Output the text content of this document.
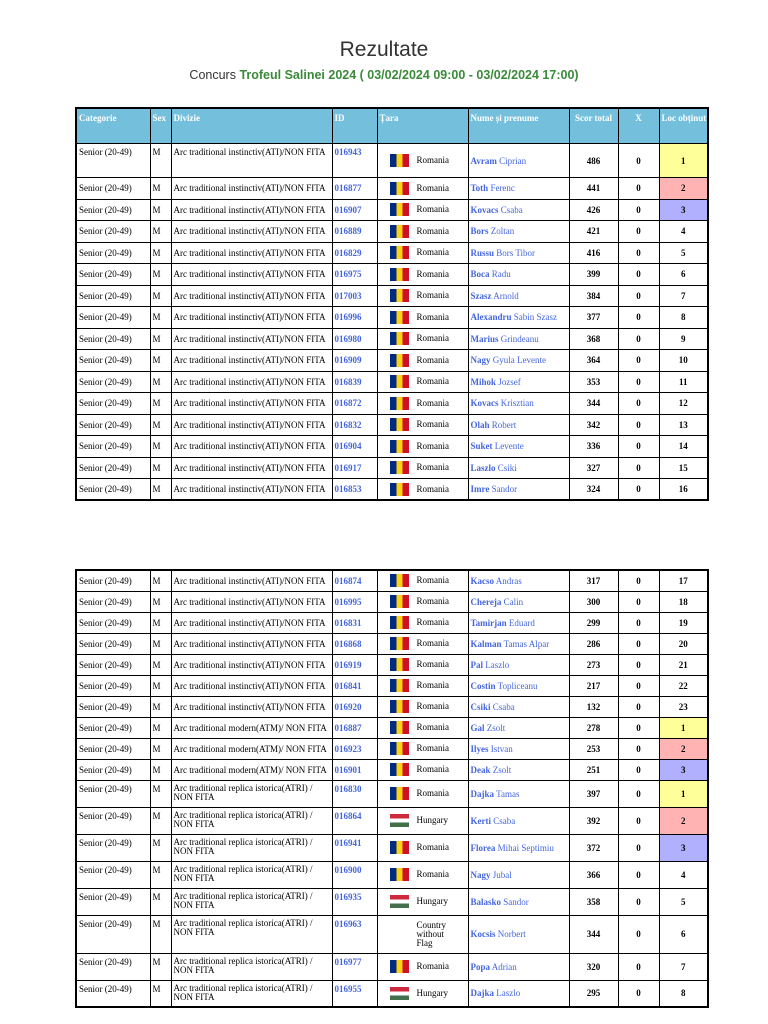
Rezultate
Concurs Trofeul Salinei 2024 ( 03/02/2024 09:00 - 03/02/2024 17:00)
Categorie	Sex	Divizie	ID	Țara	Nume și prenume	Scor total	X	Loc obținut
Senior (20-49)	M	Arc traditional instinctiv(ATI)/NON FITA	016943	Romania	Avram Ciprian	486	0	1
Senior (20-49)	M	Arc traditional instinctiv(ATI)/NON FITA	016877	Romania	Toth Ferenc	441	0	2
Senior (20-49)	M	Arc traditional instinctiv(ATI)/NON FITA	016907	Romania	Kovacs Csaba	426	0	3
Senior (20-49)	M	Arc traditional instinctiv(ATI)/NON FITA	016889	Romania	Bors Zoltan	421	0	4
Senior (20-49)	M	Arc traditional instinctiv(ATI)/NON FITA	016829	Romania	Russu Bors Tibor	416	0	5
Senior (20-49)	M	Arc traditional instinctiv(ATI)/NON FITA	016975	Romania	Boca Radu	399	0	6
Senior (20-49)	M	Arc traditional instinctiv(ATI)/NON FITA	017003	Romania	Szasz Arnold	384	0	7
Senior (20-49)	M	Arc traditional instinctiv(ATI)/NON FITA	016996	Romania	Alexandru Sabin Szasz	377	0	8
Senior (20-49)	M	Arc traditional instinctiv(ATI)/NON FITA	016980	Romania	Marius Grindeanu	368	0	9
Senior (20-49)	M	Arc traditional instinctiv(ATI)/NON FITA	016909	Romania	Nagy Gyula Levente	364	0	10
Senior (20-49)	M	Arc traditional instinctiv(ATI)/NON FITA	016839	Romania	Mihok Jozsef	353	0	11
Senior (20-49)	M	Arc traditional instinctiv(ATI)/NON FITA	016872	Romania	Kovacs Krisztian	344	0	12
Senior (20-49)	M	Arc traditional instinctiv(ATI)/NON FITA	016832	Romania	Olah Robert	342	0	13
Senior (20-49)	M	Arc traditional instinctiv(ATI)/NON FITA	016904	Romania	Suket Levente	336	0	14
Senior (20-49)	M	Arc traditional instinctiv(ATI)/NON FITA	016917	Romania	Laszlo Csiki	327	0	15
Senior (20-49)	M	Arc traditional instinctiv(ATI)/NON FITA	016853	Romania	Imre Sandor	324	0	16
Senior (20-49)	M	Arc traditional instinctiv(ATI)/NON FITA	016874	Romania	Kacso Andras	317	0	17
Senior (20-49)	M	Arc traditional instinctiv(ATI)/NON FITA	016995	Romania	Chereja Calin	300	0	18
Senior (20-49)	M	Arc traditional instinctiv(ATI)/NON FITA	016831	Romania	Tamirjan Eduard	299	0	19
Senior (20-49)	M	Arc traditional instinctiv(ATI)/NON FITA	016868	Romania	Kalman Tamas Alpar	286	0	20
Senior (20-49)	M	Arc traditional instinctiv(ATI)/NON FITA	016919	Romania	Pal Laszlo	273	0	21
Senior (20-49)	M	Arc traditional instinctiv(ATI)/NON FITA	016841	Romania	Costin Topliceanu	217	0	22
Senior (20-49)	M	Arc traditional instinctiv(ATI)/NON FITA	016920	Romania	Csiki Csaba	132	0	23
Senior (20-49)	M	Arc traditional modern(ATM)/ NON FITA	016887	Romania	Gal Zsolt	278	0	1
Senior (20-49)	M	Arc traditional modern(ATM)/ NON FITA	016923	Romania	Ilyes Istvan	253	0	2
Senior (20-49)	M	Arc traditional modern(ATM)/ NON FITA	016901	Romania	Deak Zsolt	251	0	3
Senior (20-49)	M	Arc traditional replica istorica(ATRI) / NON FITA	016830	Romania	Dajka Tamas	397	0	1
Senior (20-49)	M	Arc traditional replica istorica(ATRI) / NON FITA	016864	Hungary	Kerti Csaba	392	0	2
Senior (20-49)	M	Arc traditional replica istorica(ATRI) / NON FITA	016941	Romania	Florea Mihai Septimiu	372	0	3
Senior (20-49)	M	Arc traditional replica istorica(ATRI) / NON FITA	016900	Romania	Nagy Jubal	366	0	4
Senior (20-49)	M	Arc traditional replica istorica(ATRI) / NON FITA	016935	Hungary	Balasko Sandor	358	0	5
Senior (20-49)	M	Arc traditional replica istorica(ATRI) / NON FITA	016963	Country without Flag	Kocsis Norbert	344	0	6
Senior (20-49)	M	Arc traditional replica istorica(ATRI) / NON FITA	016977	Romania	Popa Adrian	320	0	7
Senior (20-49)	M	Arc traditional replica istorica(ATRI) / NON FITA	016955	Hungary	Dajka Laszlo	295	0	8
